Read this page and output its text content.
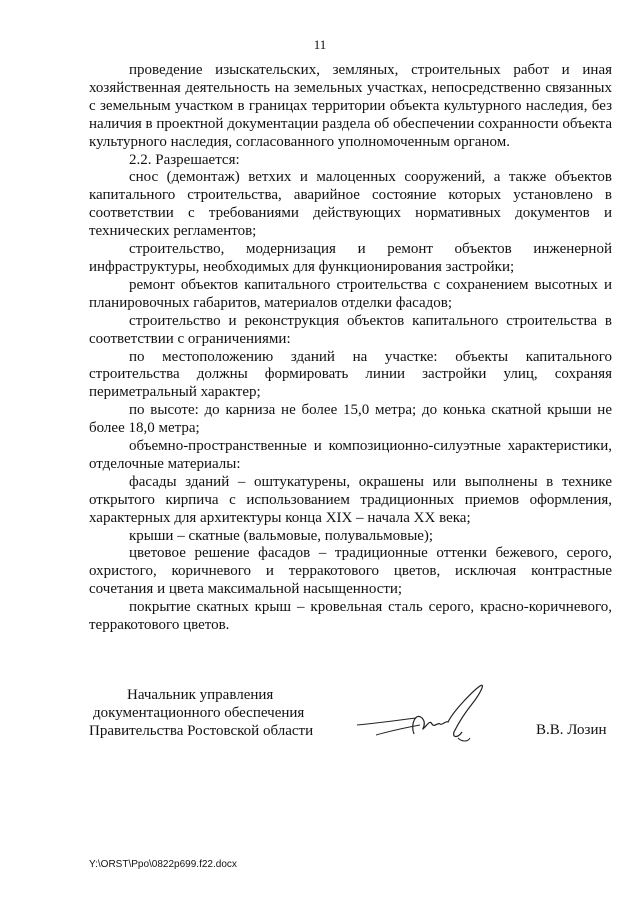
11

проведение изыскательских, земляных, строительных работ и иная хозяйственная деятельность на земельных участках, непосредственно связанных с земельным участком в границах территории объекта культурного наследия, без наличия в проектной документации раздела об обеспечении сохранности объекта культурного наследия, согласованного уполномоченным органом.

2.2. Разрешается:

снос (демонтаж) ветхих и малоценных сооружений, а также объектов капитального строительства, аварийное состояние которых установлено в соответствии с требованиями действующих нормативных документов и технических регламентов;

строительство, модернизация и ремонт объектов инженерной инфраструктуры, необходимых для функционирования застройки;

ремонт объектов капитального строительства с сохранением высотных и планировочных габаритов, материалов отделки фасадов;

строительство и реконструкция объектов капитального строительства в соответствии с ограничениями:

по местоположению зданий на участке: объекты капитального строительства должны формировать линии застройки улиц, сохраняя периметральный характер;

по высоте: до карниза не более 15,0 метра; до конька скатной крыши не более 18,0 метра;

объемно-пространственные и композиционно-силуэтные характеристики, отделочные материалы:

фасады зданий – оштукатурены, окрашены или выполнены в технике открытого кирпича с использованием традиционных приемов оформления, характерных для архитектуры конца XIX – начала XX века;

крыши – скатные (вальмовые, полувальмовые);

цветовое решение фасадов – традиционные оттенки бежевого, серого, охристого, коричневого и терракотового цветов, исключая контрастные сочетания и цвета максимальной насыщенности;

покрытие скатных крыш – кровельная сталь серого, красно-коричневого, терракотового цветов.

Начальник управления
документационного обеспечения
Правительства Ростовской области	В.В. Лозин
Y:\ORST\Ppo\0822p699.f22.docx
